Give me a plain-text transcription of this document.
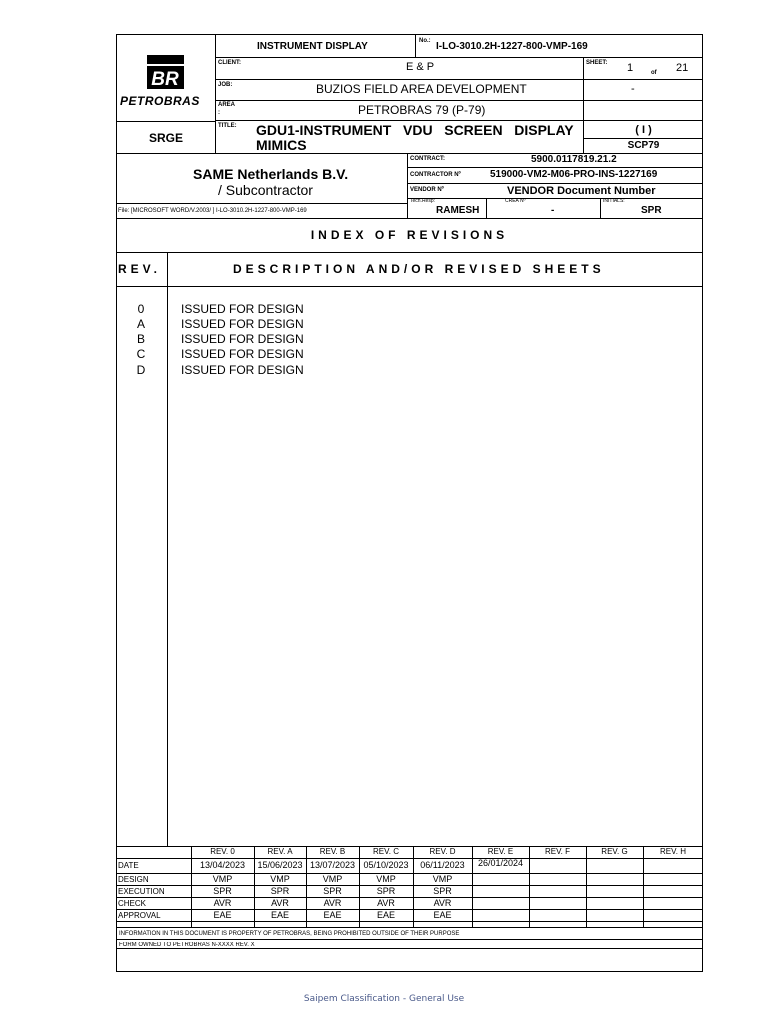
BR
PETROBRAS
SRGE
INSTRUMENT DISPLAY	No.: I-LO-3010.2H-1227-800-VMP-169
CLIENT:	E & P	SHEET: 1	of 21
JOB:	BUZIOS FIELD AREA DEVELOPMENT	-
AREA
:	PETROBRAS 79 (P-79)
TITLE: GDU1-INSTRUMENT   VDU   SCREEN   DISPLAY
MIMICS
( I )
SCP79
SAME Netherlands B.V.
/ Subcontractor
File: [MICROSOFT WORD/V.2003/ ] I-LO-3010.2H-1227-800-VMP-169
CONTRACT:	5900.0117819.21.2
CONTRACTOR Nº	519000-VM2-M06-PRO-INS-1227169
VENDOR Nº	VENDOR Document Number
Tech.Resp:
RAMESH
CREA Nº
-
INITIALS:
SPR
INDEX OF REVISIONS
REV.	DESCRIPTION AND/OR REVISED SHEETS
0	ISSUED FOR DESIGN
A	ISSUED FOR DESIGN
B	ISSUED FOR DESIGN
C	ISSUED FOR DESIGN
D	ISSUED FOR DESIGN
REV. 0	REV. A	REV. B	REV. C	REV. D	REV. E	REV. F	REV. G	REV. H
DATE	13/04/2023	15/06/2023 13/07/2023 05/10/2023	06/11/2023	26/01/2024
DESIGN	VMP	VMP	VMP	VMP	VMP
EXECUTION	SPR	SPR	SPR	SPR	SPR
CHECK	AVR	AVR	AVR	AVR	AVR
APPROVAL	EAE	EAE	EAE	EAE	EAE
INFORMATION IN THIS DOCUMENT IS PROPERTY OF PETROBRAS, BEING PROHIBITED OUTSIDE OF THEIR PURPOSE
FORM OWNED TO PETROBRAS N-XXXX REV. X
Saipem Classification - General Use
